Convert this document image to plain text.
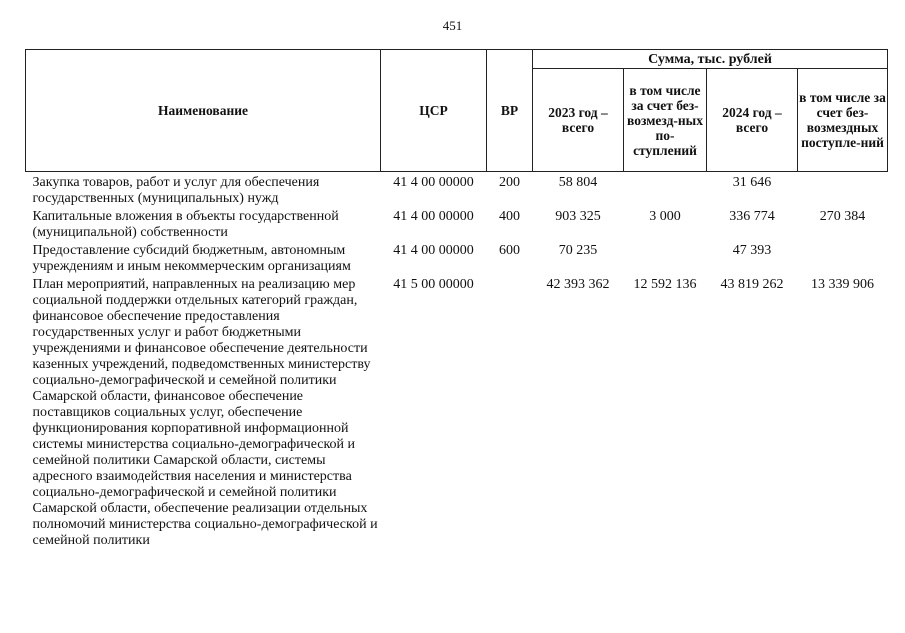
451
Наименование	ЦСР	ВР	Сумма, тыс. рублей			
			2023 год – всего	в том числе за счет без-возмезд-ных по-ступлений	2024 год – всего	в том числе за счет без-возмездных поступле-ний
Закупка товаров, работ и услуг для обеспечения государственных (муниципальных) нужд	41 4 00 00000	200	58 804		31 646	
Капитальные вложения в объекты государственной (муниципальной) собственности	41 4 00 00000	400	903 325	3 000	336 774	270 384
Предоставление субсидий бюджетным, автономным учреждениям и иным некоммерческим организациям	41 4 00 00000	600	70 235		47 393	
План мероприятий, направленных на реализацию мер социальной поддержки отдельных категорий граждан, финансовое обеспечение предоставления государственных услуг и работ бюджетными учреждениями и финансовое обеспечение деятельности казенных учреждений, подведомственных министерству социально-демографической и семейной политики Самарской области, финансовое обеспечение поставщиков социальных услуг, обеспечение функционирования корпоративной информационной системы министерства социально-демографической и семейной политики Самарской области, системы адресного взаимодействия населения и министерства социально-демографической и семейной политики Самарской области, обеспечение реализации отдельных полномочий министерства социально-демографической и семейной политики	41 5 00 00000		42 393 362	12 592 136	43 819 262	13 339 906
